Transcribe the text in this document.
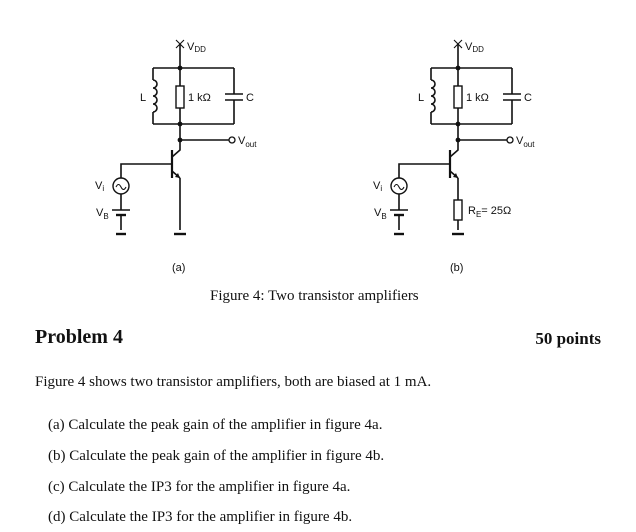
VDD
L	1 kΩ	C
$V_{out}$
Vi
$V_B$
(a)
VDD
L	1 kΩ	C
$V_{out}$
Vi
$V_B$	$R_E= 25\Omega$
(b)
Figure 4: Two transistor amplifiers
Problem 4	50 points
Figure 4 shows two transistor amplifiers, both are biased at 1 mA.
(a) Calculate the peak gain of the amplifier in figure 4a.
(b) Calculate the peak gain of the amplifier in figure 4b.
(c) Calculate the IP3 for the amplifier in figure 4a.
(d) Calculate the IP3 for the amplifier in figure 4b.
